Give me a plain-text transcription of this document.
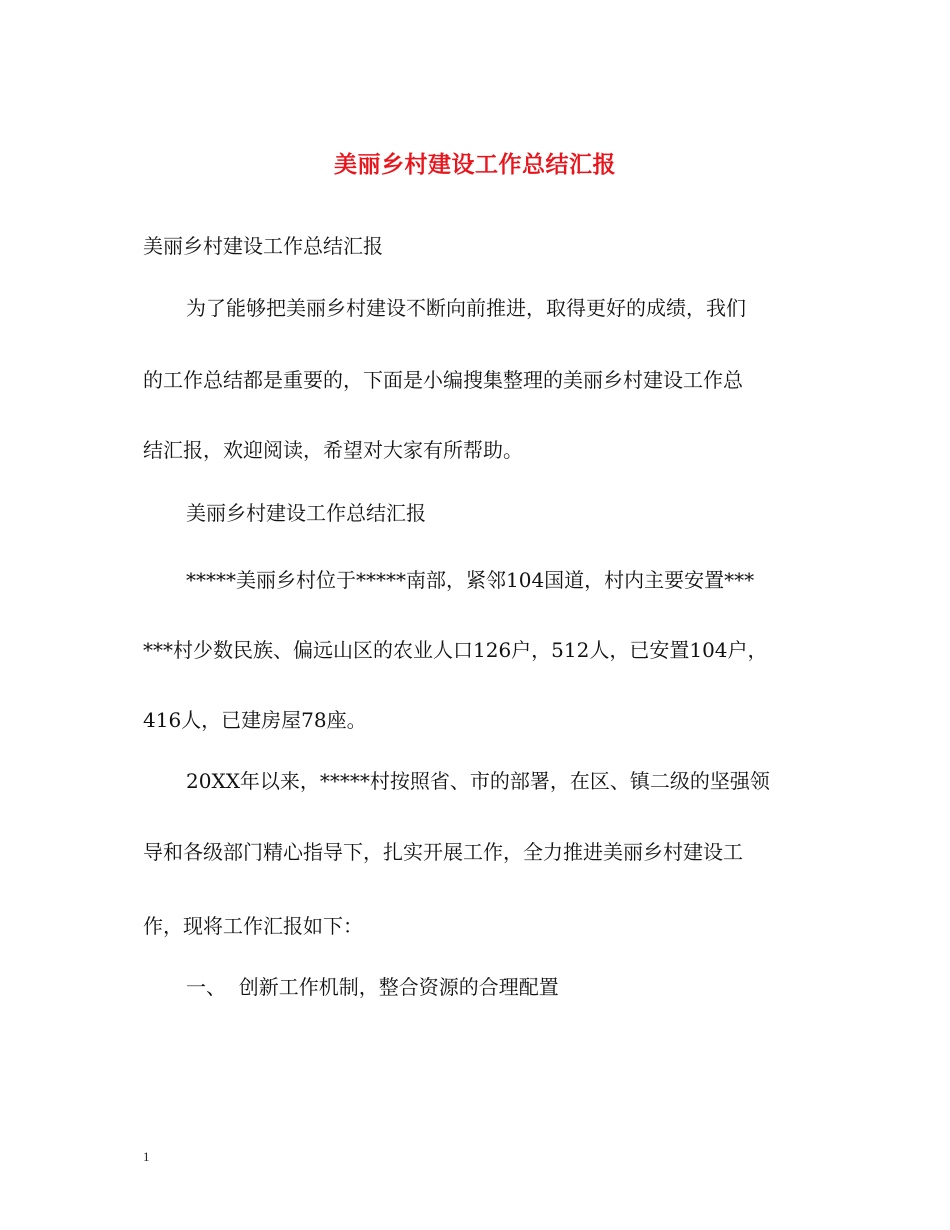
美丽乡村建设工作总结汇报
美丽乡村建设工作总结汇报
为了能够把美丽乡村建设不断向前推进，取得更好的成绩，我们
的工作总结都是重要的，下面是小编搜集整理的美丽乡村建设工作总
结汇报，欢迎阅读，希望对大家有所帮助。
美丽乡村建设工作总结汇报
*****美丽乡村位于*****南部，紧邻104国道，村内主要安置***
***村少数民族、偏远山区的农业人口126户，512人，已安置104户，
416人，已建房屋78座。
20XX年以来，*****村按照省、市的部署，在区、镇二级的坚强领
导和各级部门精心指导下，扎实开展工作，全力推进美丽乡村建设工
作，现将工作汇报如下：
一、  创新工作机制，整合资源的合理配置
1
